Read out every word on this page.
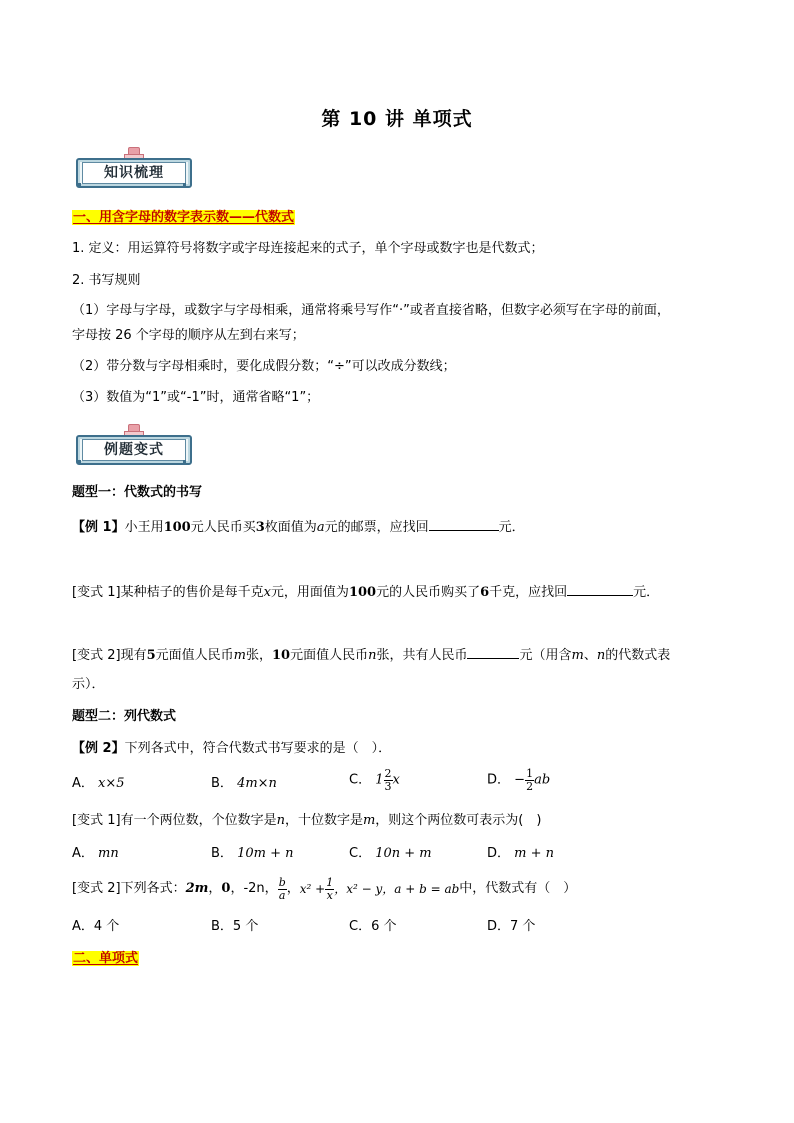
第 10 讲 单项式
知识梳理
一、用含字母的数字表示数——代数式
1. 定义：用运算符号将数字或字母连接起来的式子，单个字母或数字也是代数式；
2. 书写规则
（1）字母与字母，或数字与字母相乘，通常将乘号写作“·”或者直接省略，但数字必须写在字母的前面，
字母按 26 个字母的顺序从左到右来写；
（2）带分数与字母相乘时，要化成假分数；“÷”可以改成分数线；
（3）数值为“1”或“-1”时，通常省略“1”；
例题变式
题型一：代数式的书写
【例 1】小王用100元人民币买3枚面值为a元的邮票，应找回	元．
[变式 1]某种桔子的售价是每千克x元，用面值为100元的人民币购买了6千克，应找回	元．
[变式 2]现有5元面值人民币m张，10元面值人民币n张，共有人民币	元（用含m、n的代数式表
示）．
题型二：列代数式
【例 2】下列各式中，符合代数式书写要求的是（　）．
A． x×5	B． 4m×n	C． $1 \frac{2}{3}$ x	D． − $\frac{1}{2}$ ab
[变式 1]有一个两位数，个位数字是n，十位数字是m，则这个两位数可表示为(　)
A． mn	B． 10m + n	C． 10n + m	D． m + n
[变式 2]下列各式：2m，0，-2n， $\frac{b}{a}$ ，$x^2 + \frac{1}{x}$ ，x² − y，a + b = ab中，代数式有（　）
A．4 个	B．5 个	C．6 个	D．7 个
二、单项式
